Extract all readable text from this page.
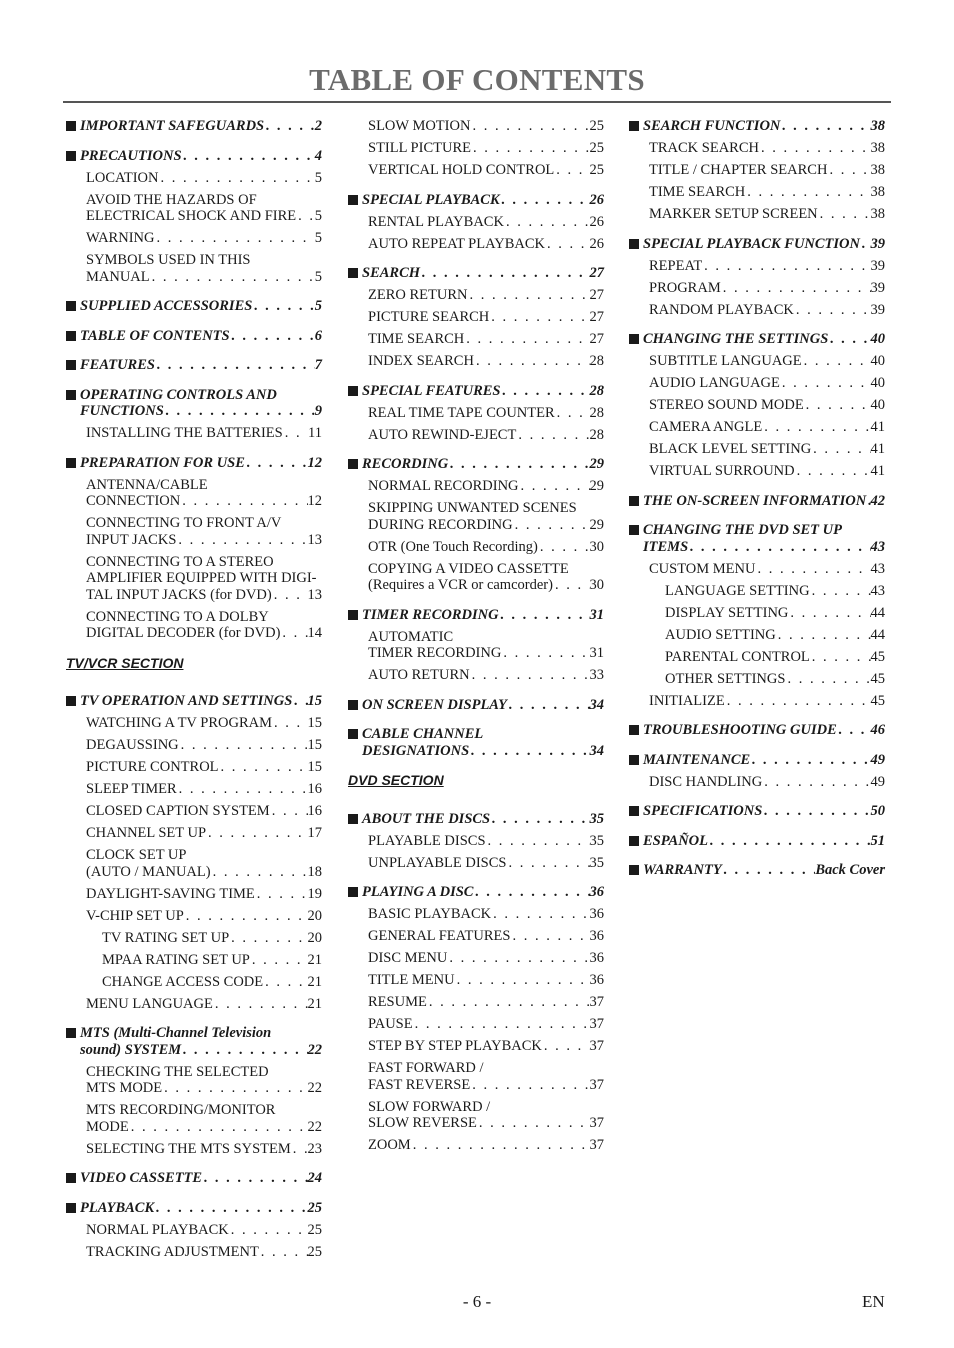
TABLE OF CONTENTS
IMPORTANT SAFEGUARDS . . .	2
PRECAUTIONS . . .	4
LOCATION . . .	5
AVOID THE HAZARDS OF
ELECTRICAL SHOCK AND FIRE . . . 5
WARNING . . .	5
SYMBOLS USED IN THIS
MANUAL . . .	5
SUPPLIED ACCESSORIES . . .	5
TABLE OF CONTENTS . . .	6
FEATURES . . .	7
OPERATING CONTROLS AND
FUNCTIONS . . .	9
INSTALLING THE BATTERIES . . . 11
PREPARATION FOR USE . . .	12
ANTENNA/CABLE
CONNECTION . . .	12
CONNECTING TO FRONT A/V
INPUT JACKS . . .	13
CONNECTING TO A STEREO
AMPLIFIER EQUIPPED WITH DIGI-
TAL INPUT JACKS (for DVD) . . . 13
CONNECTING TO A DOLBY
DIGITAL DECODER (for DVD) . . . 14
TV/VCR SECTION
TV OPERATION AND SETTINGS . . . 15
WATCHING A TV PROGRAM . . . 15
DEGAUSSING . . .	15
PICTURE CONTROL . . .	15
SLEEP TIMER . . .	16
CLOSED CAPTION SYSTEM . . .	16
CHANNEL SET UP . . .	17
CLOCK SET UP
(AUTO / MANUAL) . . .	18
DAYLIGHT-SAVING TIME . . .	19
V-CHIP SET UP . . .	20
TV RATING SET UP . . .	20
MPAA RATING SET UP . . .	21
CHANGE ACCESS CODE . . .	21
MENU LANGUAGE . . .	21
MTS (Multi-Channel Television
sound) SYSTEM . . .	22
CHECKING THE SELECTED
MTS MODE . . .	22
MTS RECORDING/MONITOR
MODE . . .	22
SELECTING THE MTS SYSTEM . . . 23
VIDEO CASSETTE . . .	24
PLAYBACK . . .	25
NORMAL PLAYBACK . . .	25
TRACKING ADJUSTMENT . . .	25
SLOW MOTION . . .	25
STILL PICTURE . . .	25
VERTICAL HOLD CONTROL . . . 25
SPECIAL PLAYBACK . . .	26
RENTAL PLAYBACK . . .	26
AUTO REPEAT PLAYBACK . . .	26
SEARCH . . .	27
ZERO RETURN . . .	27
PICTURE SEARCH . . .	27
TIME SEARCH . . .	27
INDEX SEARCH . . .	28
SPECIAL FEATURES . . .	28
REAL TIME TAPE COUNTER . . . 28
AUTO REWIND-EJECT . . .	28
RECORDING . . .	29
NORMAL RECORDING . . .	29
SKIPPING UNWANTED SCENES
DURING RECORDING . . .	29
OTR (One Touch Recording) . . .	30
COPYING A VIDEO CASSETTE
(Requires a VCR or camcorder) . . .	30
TIMER RECORDING . . .	31
AUTOMATIC
TIMER RECORDING . . .	31
AUTO RETURN . . .	33
ON SCREEN DISPLAY . . .	34
CABLE CHANNEL
DESIGNATIONS . . .	34
DVD SECTION
ABOUT THE DISCS . . .	35
PLAYABLE DISCS . . .	35
UNPLAYABLE DISCS . . .	35
PLAYING A DISC . . .	36
BASIC PLAYBACK . . .	36
GENERAL FEATURES . . .	36
DISC MENU . . .	36
TITLE MENU . . .	36
RESUME . . .	37
PAUSE . . .	37
STEP BY STEP PLAYBACK . . .	37
FAST FORWARD /
FAST REVERSE . . .	37
SLOW FORWARD /
SLOW REVERSE . . .	37
ZOOM . . .	37
SEARCH FUNCTION . . .	38
TRACK SEARCH . . .	38
TITLE / CHAPTER SEARCH . . .	38
TIME SEARCH . . .	38
MARKER SETUP SCREEN . . .	38
SPECIAL PLAYBACK FUNCTION . . . 39
REPEAT . . .	39
PROGRAM . . .	39
RANDOM PLAYBACK . . .	39
CHANGING THE SETTINGS . . .	40
SUBTITLE LANGUAGE . . .	40
AUDIO LANGUAGE . . .	40
STEREO SOUND MODE . . .	40
CAMERA ANGLE . . .	41
BLACK LEVEL SETTING . . .	41
VIRTUAL SURROUND . . .	41
THE ON-SCREEN INFORMATION . . . 42
CHANGING THE DVD SET UP
ITEMS . . .	43
CUSTOM MENU . . .	43
LANGUAGE SETTING . . .	43
DISPLAY SETTING . . .	44
AUDIO SETTING . . .	44
PARENTAL CONTROL . . .	45
OTHER SETTINGS . . .	45
INITIALIZE . . .	45
TROUBLESHOOTING GUIDE . . . 46
MAINTENANCE . . .	49
DISC HANDLING . . .	49
SPECIFICATIONS . . .	50
ESPAÑOL . . .	51
WARRANTY . . .	Back Cover
- 6 -	EN
